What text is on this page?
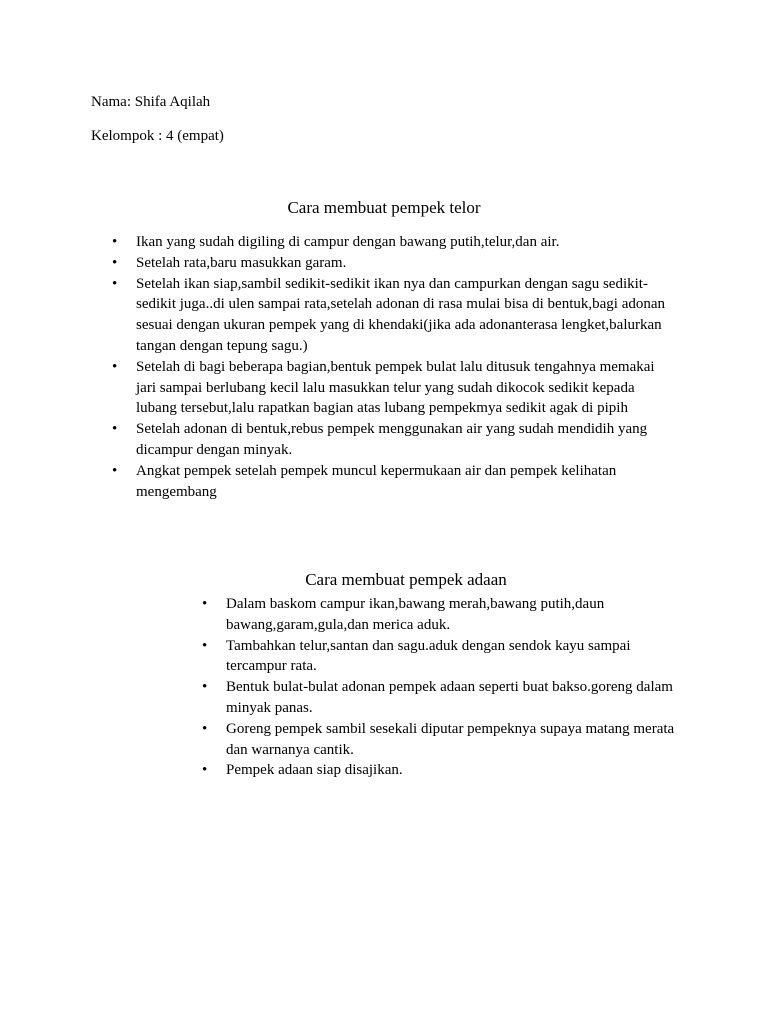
Nama: Shifa Aqilah
Kelompok : 4 (empat)
Cara membuat pempek telor
• Ikan yang sudah digiling di campur dengan bawang putih,telur,dan air.
• Setelah rata,baru masukkan garam.
• Setelah ikan siap,sambil sedikit-sedikit ikan nya dan campurkan dengan sagu sedikit-sedikit juga..di ulen sampai rata,setelah adonan di rasa mulai bisa di bentuk,bagi adonan sesuai dengan ukuran pempek yang di khendaki(jika ada adonanterasa lengket,balurkan tangan dengan tepung sagu.)
• Setelah di bagi beberapa bagian,bentuk pempek bulat lalu ditusuk tengahnya memakai jari sampai berlubang kecil lalu masukkan telur yang sudah dikocok sedikit kepada lubang tersebut,lalu rapatkan bagian atas lubang pempekmya sedikit agak di pipih
• Setelah adonan di bentuk,rebus pempek menggunakan air yang sudah mendidih yang dicampur dengan minyak.
• Angkat pempek setelah pempek muncul kepermukaan air dan pempek kelihatan mengembang
Cara membuat pempek adaan
• Dalam baskom campur ikan,bawang merah,bawang putih,daun bawang,garam,gula,dan merica aduk.
• Tambahkan telur,santan dan sagu.aduk dengan sendok kayu sampai tercampur rata.
• Bentuk bulat-bulat adonan pempek adaan seperti buat bakso.goreng dalam minyak panas.
• Goreng pempek sambil sesekali diputar pempeknya supaya matang merata dan warnanya cantik.
• Pempek adaan siap disajikan.
